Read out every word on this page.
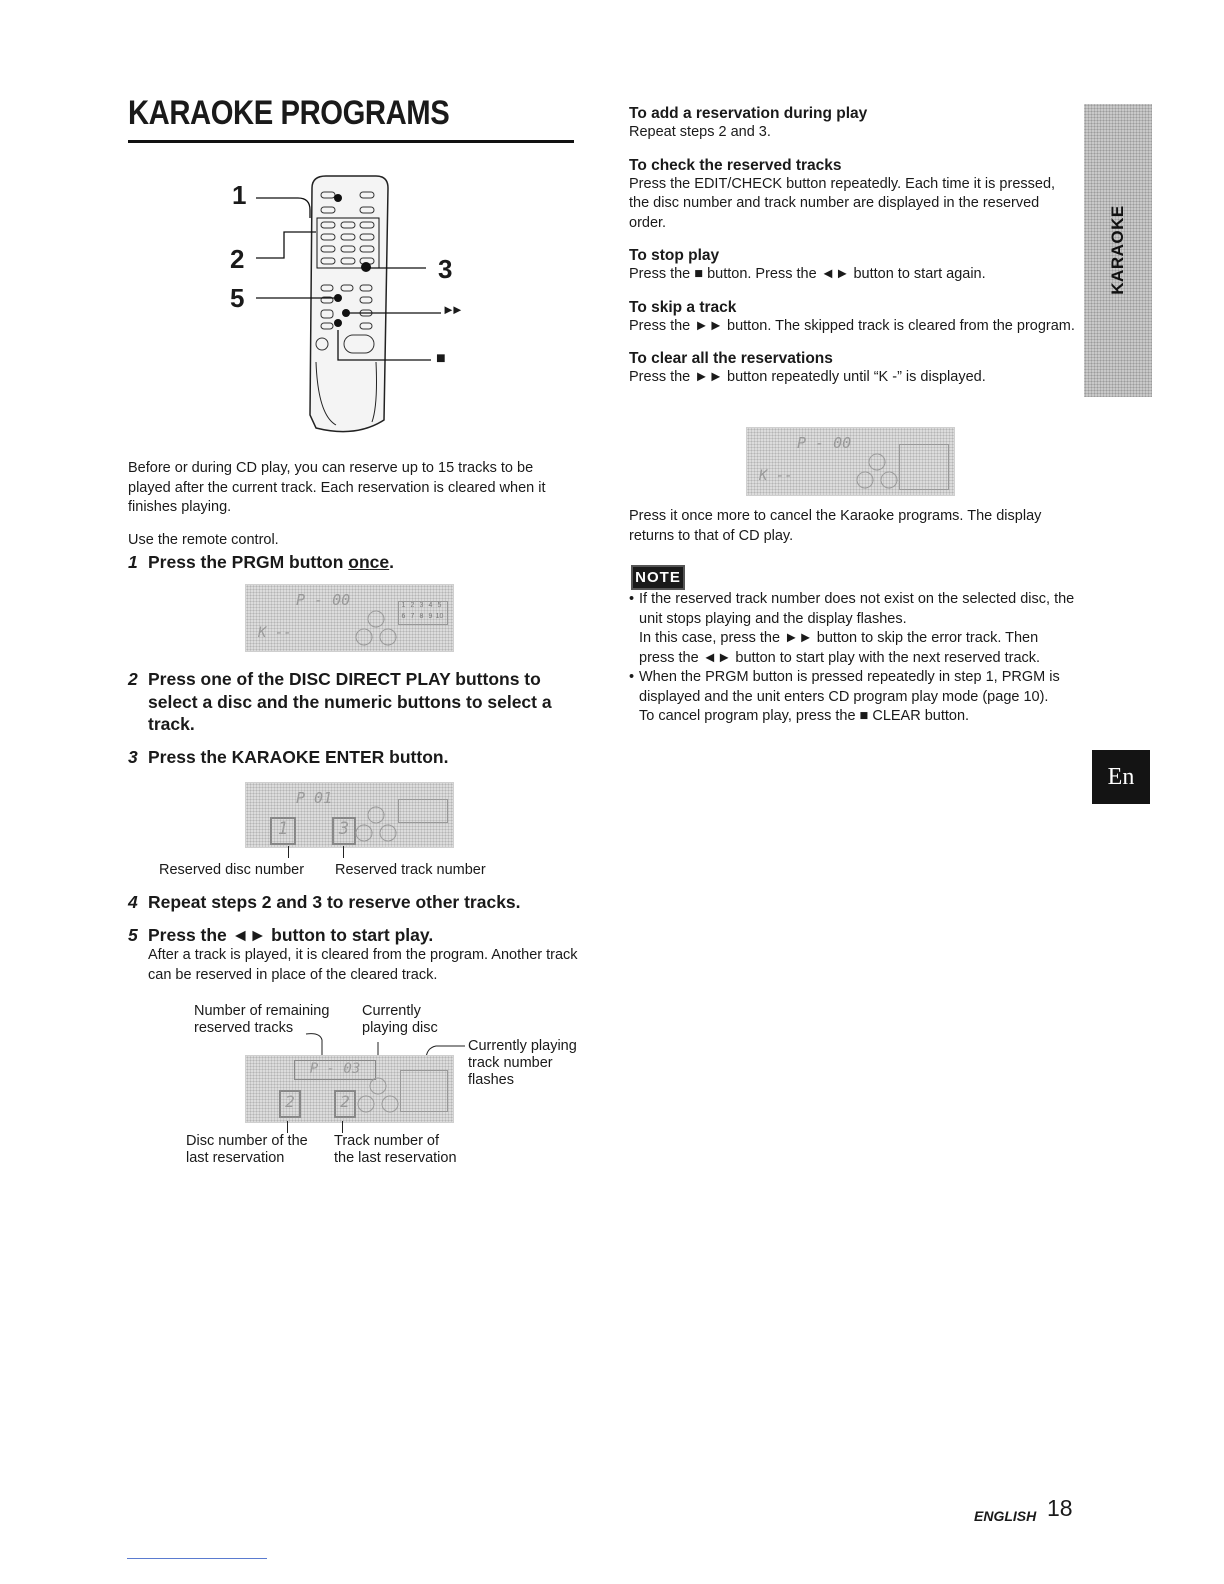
KARAOKE PROGRAMS
1
2
5
3
►►
■
Before or during CD play, you can reserve up to 15 tracks to be played after the current track. Each reservation is cleared when it finishes playing.
Use the remote control.
1 Press the PRGM button once.
P - 00
K --
1 2 3 4 5
6 7 8 9 10
2 Press one of the DISC DIRECT PLAY buttons to select a disc and the numeric buttons to select a track.
3 Press the KARAOKE ENTER button.
P 01
1	3
Reserved disc number Reserved track number
4 Repeat steps 2 and 3 to reserve other tracks.
5 Press the ◄► button to start play.
After a track is played, it is cleared from the program. Another track can be reserved in place of the cleared track.
Number of remaining
reserved tracks
Currently
playing disc
Currently playing
track number
flashes
P - 03
2	2
Disc number of the
last reservation
Track number of
the last reservation
To add a reservation during play
Repeat steps 2 and 3.
To check the reserved tracks
Press the EDIT/CHECK button repeatedly. Each time it is pressed, the disc number and track number are displayed in the reserved order.
To stop play
Press the ■ button. Press the ◄► button to start again.
To skip a track
Press the ►► button. The skipped track is cleared from the program.
To clear all the reservations
Press the ►► button repeatedly until “K -” is displayed.
P - 00
K --
Press it once more to cancel the Karaoke programs. The display returns to that of CD play.
NOTE
• If the reserved track number does not exist on the selected disc, the unit stops playing and the display flashes.
In this case, press the ►► button to skip the error track. Then press the ◄► button to start play with the next reserved track.
• When the PRGM button is pressed repeatedly in step 1, PRGM is displayed and the unit enters CD program play mode (page 10).
To cancel program play, press the ■ CLEAR button.
KARAOKE
En
ENGLISH 18
